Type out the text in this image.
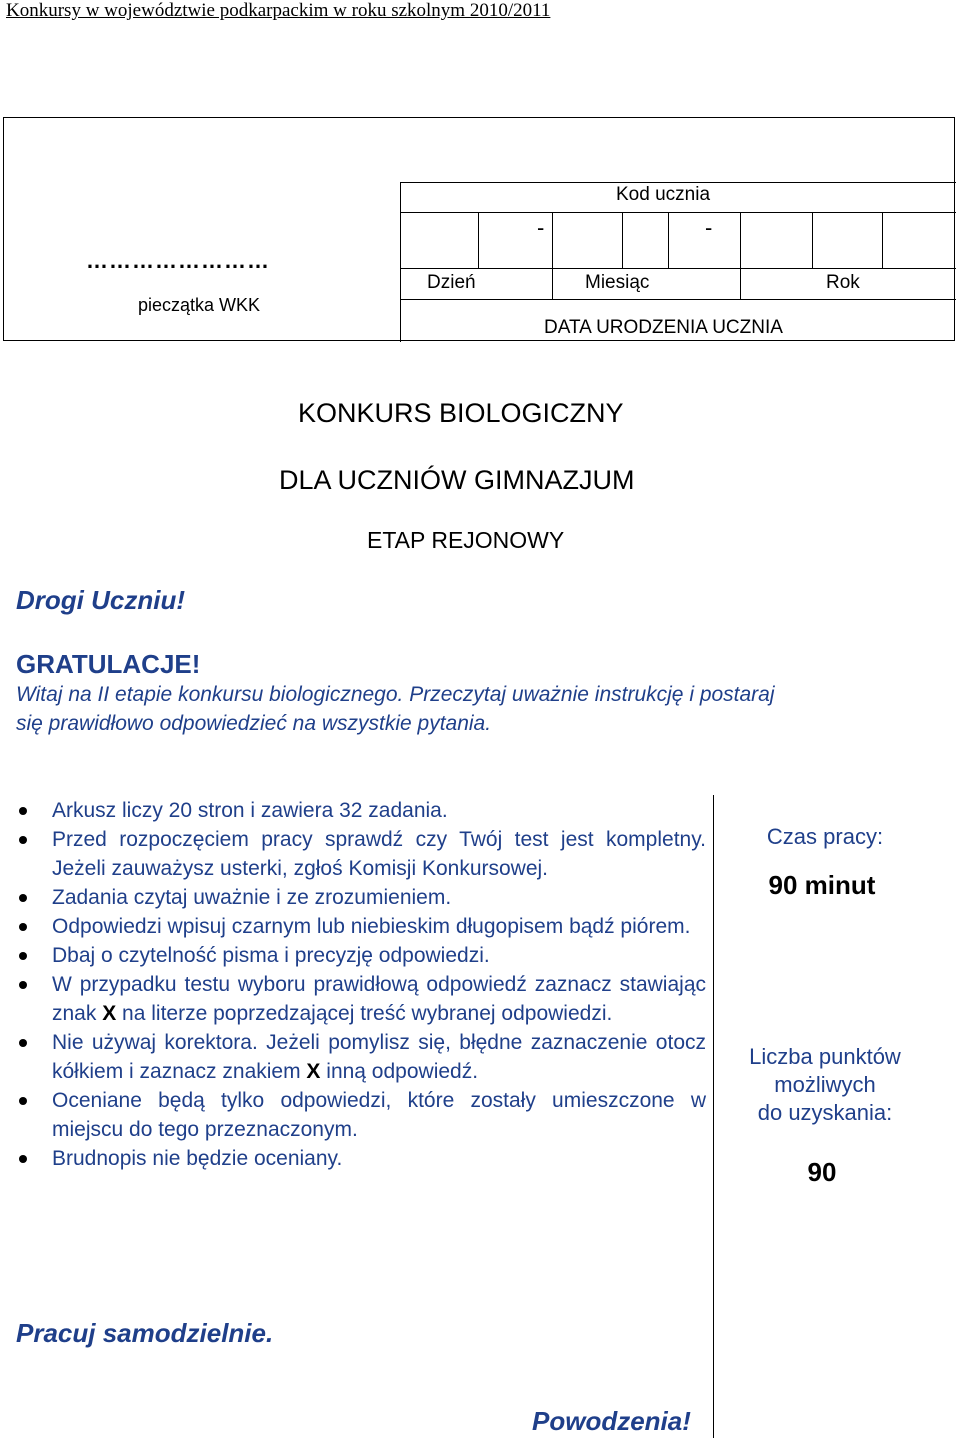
Konkursy w województwie podkarpackim w roku szkolnym 2010/2011
Kod ucznia
-	-
Dzień	Miesiąc	Rok
DATA URODZENIA UCZNIA
……………………
pieczątka WKK
KONKURS BIOLOGICZNY
DLA UCZNIÓW GIMNAZJUM
ETAP REJONOWY
Drogi Uczniu!
GRATULACJE!
Witaj na II etapie konkursu biologicznego. Przeczytaj uważnie instrukcję i postaraj
się prawidłowo odpowiedzieć na wszystkie pytania.
Arkusz liczy 20 stron i zawiera 32 zadania.
Przed rozpoczęciem pracy sprawdź czy Twój test jest kompletny. Jeżeli zauważysz usterki, zgłoś Komisji Konkursowej.
Zadania czytaj uważnie i ze zrozumieniem.
Odpowiedzi wpisuj czarnym lub niebieskim długopisem bądź piórem.
Dbaj o czytelność pisma i precyzję odpowiedzi.
W przypadku testu wyboru prawidłową odpowiedź zaznacz stawiając znak X na literze poprzedzającej treść wybranej odpowiedzi.
Nie używaj korektora. Jeżeli pomylisz się, błędne zaznaczenie otocz kółkiem i zaznacz znakiem X inną odpowiedź.
Oceniane będą tylko odpowiedzi, które zostały umieszczone w miejscu do tego przeznaczonym.
Brudnopis nie będzie oceniany.
Czas pracy:
90 minut
Liczba punktów
możliwych
do uzyskania:
90
Pracuj samodzielnie.
Powodzenia!
